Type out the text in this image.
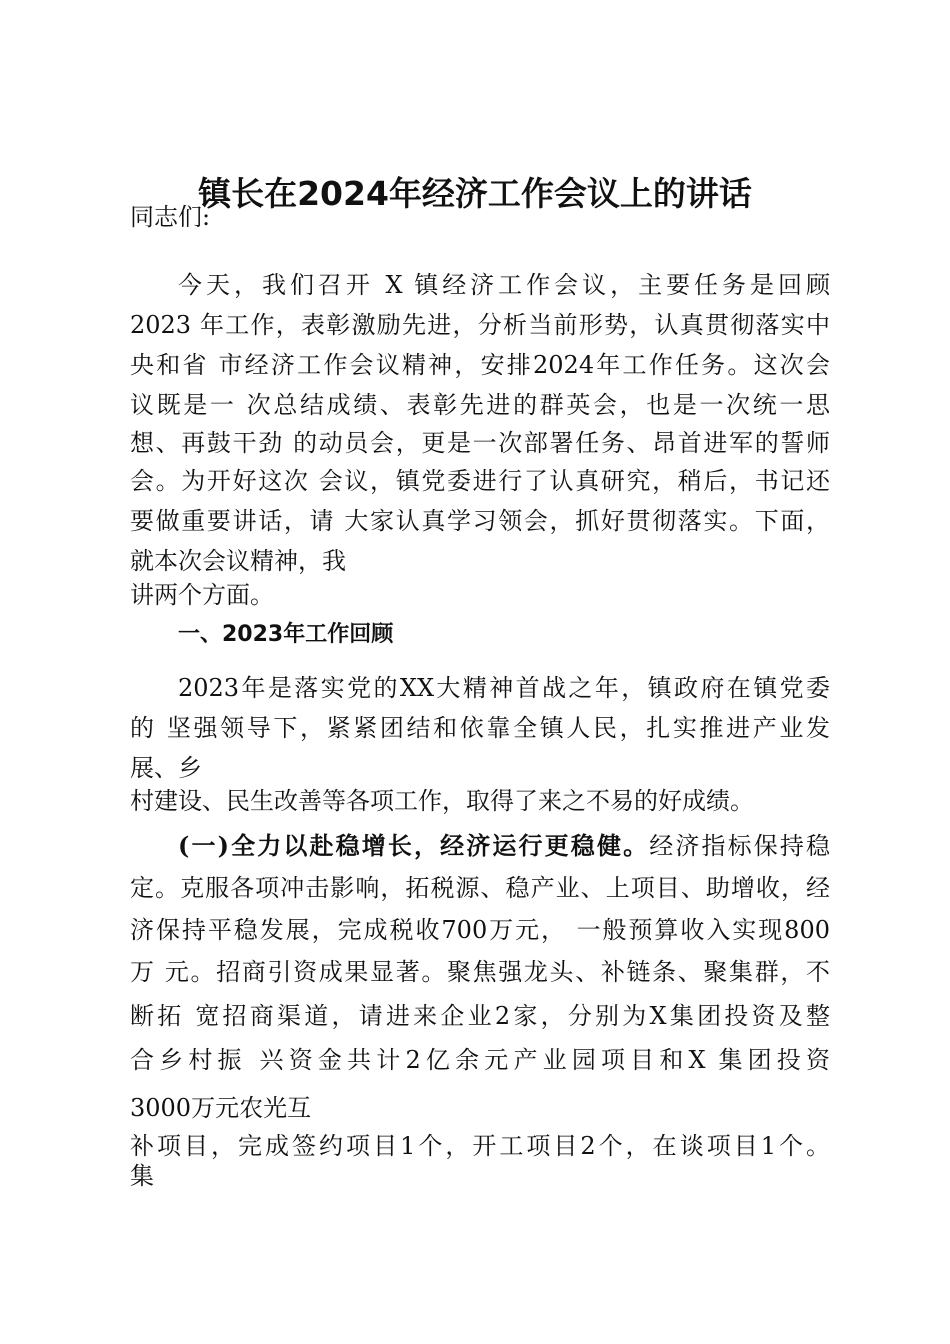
镇长在2024年经济工作会议上的讲话
同志们:
今天，我们召开 X 镇经济工作会议，主要任务是回顾
2023 年工作，表彰激励先进，分析当前形势，认真贯彻落实中
央和省 市经济工作会议精神，安排2024年工作任务。这次会
议既是一 次总结成绩、表彰先进的群英会，也是一次统一思
想、再鼓干劲 的动员会，更是一次部署任务、昂首进军的誓师
会。为开好这次 会议，镇党委进行了认真研究，稍后，书记还
要做重要讲话，请 大家认真学习领会，抓好贯彻落实。下面，
就本次会议精神，我
讲两个方面。
一、2023年工作回顾
2023年是落实党的XX大精神首战之年，镇政府在镇党委
的 坚强领导下，紧紧团结和依靠全镇人民，扎实推进产业发
展、乡
村建设、民生改善等各项工作，取得了来之不易的好成绩。
(一)全力以赴稳增长，经济运行更稳健。经济指标保持稳
定。克服各项冲击影响，拓税源、稳产业、上项目、助增收，经
济保持平稳发展，完成税收700万元， 一般预算收入实现800
万 元。招商引资成果显著。聚焦强龙头、补链条、聚集群，不
断拓 宽招商渠道，请进来企业2家，分别为X集团投资及整
合乡村振 兴资金共计2亿余元产业园项目和X 集团投资
3000万元农光互
补项目，完成签约项目1个，开工项目2个，在谈项目1个。
集
